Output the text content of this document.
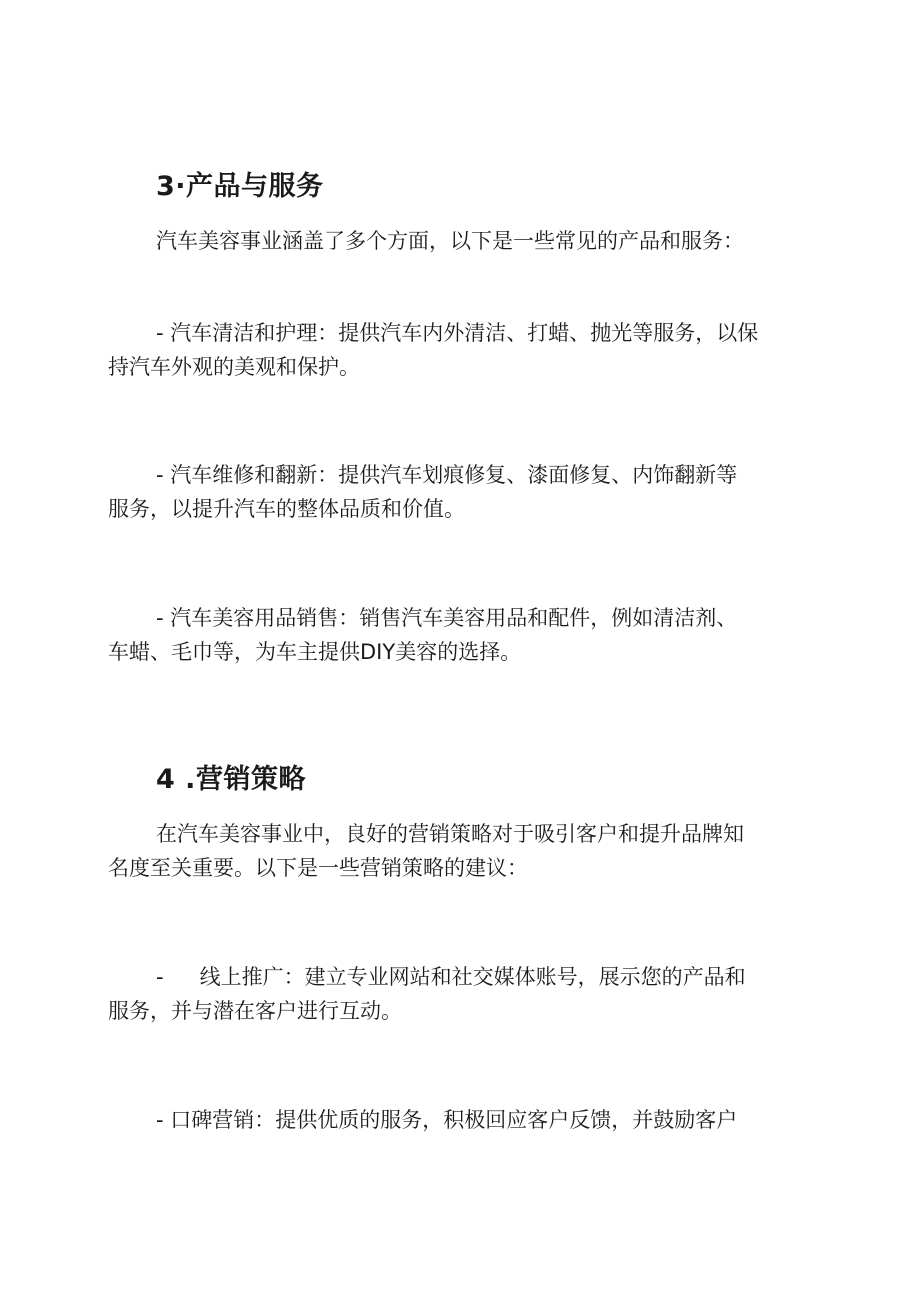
3·产品与服务
汽车美容事业涵盖了多个方面，以下是一些常见的产品和服务：
- 汽车清洁和护理：提供汽车内外清洁、打蜡、抛光等服务，以保
持汽车外观的美观和保护。
- 汽车维修和翻新：提供汽车划痕修复、漆面修复、内饰翻新等
服务，以提升汽车的整体品质和价值。
- 汽车美容用品销售：销售汽车美容用品和配件，例如清洁剂、
车蜡、毛巾等，为车主提供DIY美容的选择。
4 .营销策略
在汽车美容事业中，良好的营销策略对于吸引客户和提升品牌知
名度至关重要。以下是一些营销策略的建议：
- 线上推广：建立专业网站和社交媒体账号，展示您的产品和
服务，并与潜在客户进行互动。
- 口碑营销：提供优质的服务，积极回应客户反馈，并鼓励客户
